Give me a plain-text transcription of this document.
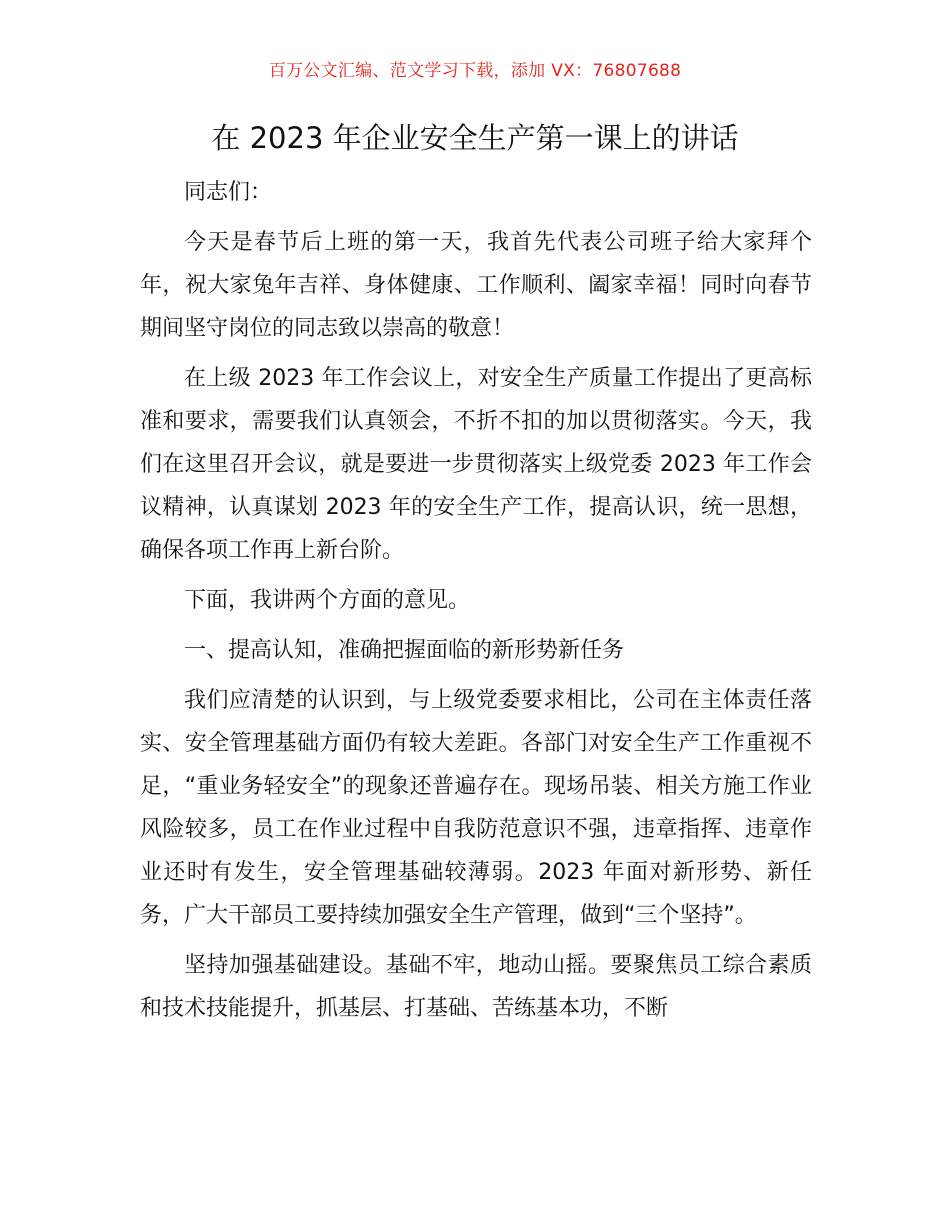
百万公文汇编、范文学习下载，添加 VX：76807688
在 2023 年企业安全生产第一课上的讲话

同志们：

今天是春节后上班的第一天，我首先代表公司班子给大家拜个年，祝大家兔年吉祥、身体健康、工作顺利、阖家幸福！同时向春节期间坚守岗位的同志致以崇高的敬意！

在上级 2023 年工作会议上，对安全生产质量工作提出了更高标准和要求，需要我们认真领会，不折不扣的加以贯彻落实。今天，我们在这里召开会议，就是要进一步贯彻落实上级党委 2023 年工作会议精神，认真谋划 2023 年的安全生产工作，提高认识，统一思想，确保各项工作再上新台阶。

下面，我讲两个方面的意见。

一、提高认知，准确把握面临的新形势新任务

我们应清楚的认识到，与上级党委要求相比，公司在主体责任落实、安全管理基础方面仍有较大差距。各部门对安全生产工作重视不足，“重业务轻安全”的现象还普遍存在。现场吊装、相关方施工作业风险较多，员工在作业过程中自我防范意识不强，违章指挥、违章作业还时有发生，安全管理基础较薄弱。2023 年面对新形势、新任务，广大干部员工要持续加强安全生产管理，做到“三个坚持”。

坚持加强基础建设。基础不牢，地动山摇。要聚焦员工综合素质和技术技能提升，抓基层、打基础、苦练基本功，不断
